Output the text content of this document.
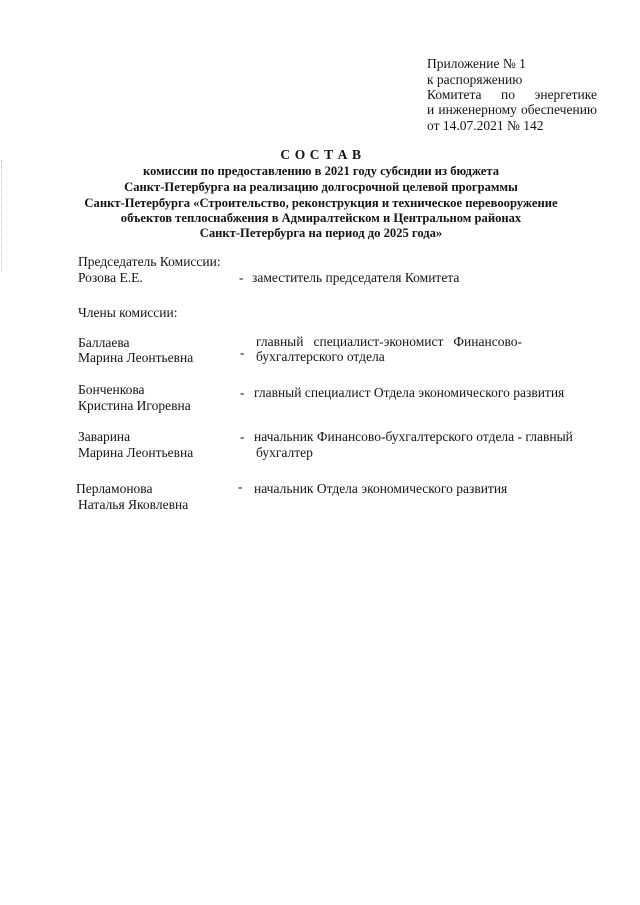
Приложение № 1
к распоряжению
Комитета по энергетике
и инженерному обеспечению
от 14.07.2021 № 142
С О С Т А В
комиссии по предоставлению в 2021 году субсидии из бюджета
Санкт-Петербурга на реализацию долгосрочной целевой программы
Санкт-Петербурга «Строительство, реконструкция и техническое перевооружение
объектов теплоснабжения в Адмиралтейском и Центральном районах
Санкт-Петербурга на период до 2025 года»
Председатель Комиссии:
Розова Е.Е.	- заместитель председателя Комитета
Члены комиссии:
Баллаева
Марина Леонтьевна	-
главный специалист-экономист Финансово-
бухгалтерского отдела
Бонченкова
Кристина Игоревна
- главный специалист Отдела экономического развития
Заварина
Марина Леонтьевна
- начальник Финансово-бухгалтерского отдела - главный
бухгалтер
Перламонова
Наталья Яковлевна
- начальник Отдела экономического развития
